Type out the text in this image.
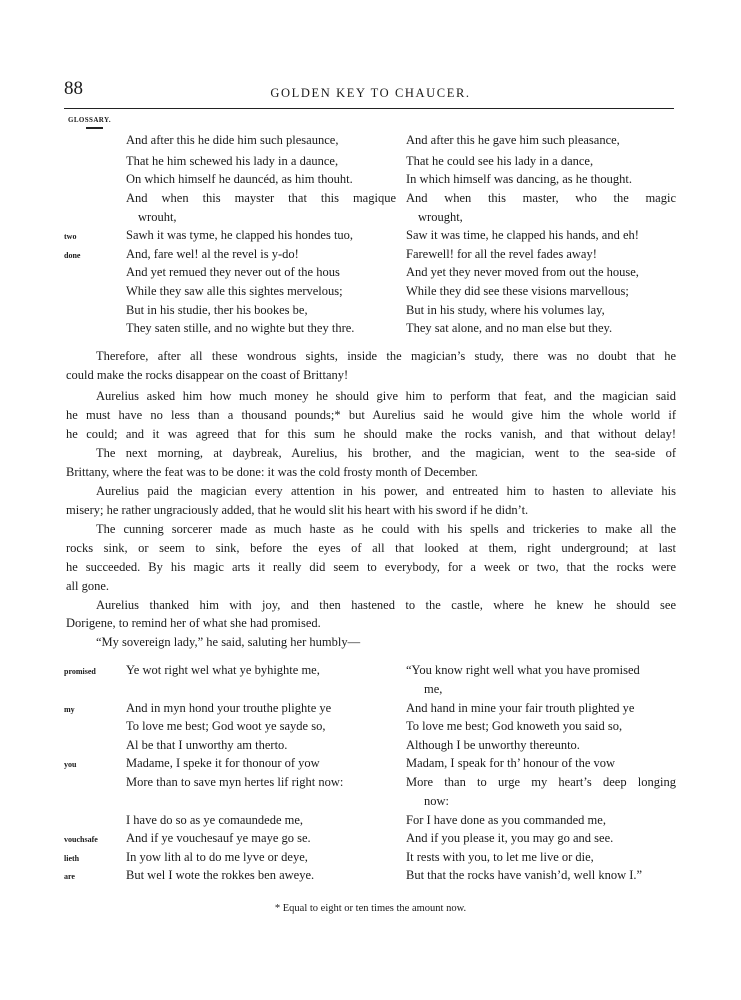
88	GOLDEN KEY TO CHAUCER.
GLOSSARY.
And after this he dide him such plesaunce,
That he him schewed his lady in a daunce,
On which himself he dauncéd, as him thouht.
And when this mayster that this magique
wrouht,
Sawh it was tyme, he clapped his hondes tuo,
And, fare wel! al the revel is y-do!
And yet remued they never out of the hous
While they saw alle this sightes mervelous;
But in his studie, ther his bookes be,
They saten stille, and no wighte but they thre.
And after this he gave him such pleasance,
That he could see his lady in a dance,
In which himself was dancing, as he thought.
And when this master, who the magic
wrought,
Saw it was time, he clapped his hands, and eh!
Farewell! for all the revel fades away!
And yet they never moved from out the house,
While they did see these visions marvellous;
But in his study, where his volumes lay,
They sat alone, and no man else but they.
two
done
Therefore, after all these wondrous sights, inside the magician’s study, there was no doubt that he
could make the rocks disappear on the coast of Brittany!
Aurelius asked him how much money he should give him to perform that feat, and the magician said
he must have no less than a thousand pounds;* but Aurelius said he would give him the whole world if
he could; and it was agreed that for this sum he should make the rocks vanish, and that without delay!
The next morning, at daybreak, Aurelius, his brother, and the magician, went to the sea-side of
Brittany, where the feat was to be done: it was the cold frosty month of December.
Aurelius paid the magician every attention in his power, and entreated him to hasten to alleviate his
misery; he rather ungraciously added, that he would slit his heart with his sword if he didn’t.
The cunning sorcerer made as much haste as he could with his spells and trickeries to make all the
rocks sink, or seem to sink, before the eyes of all that looked at them, right underground; at last
he succeeded. By his magic arts it really did seem to everybody, for a week or two, that the rocks were
all gone.
Aurelius thanked him with joy, and then hastened to the castle, where he knew he should see
Dorigene, to remind her of what she had promised.
“My sovereign lady,” he said, saluting her humbly—
Ye wot right wel what ye byhighte me,
And in myn hond your trouthe plighte ye
To love me best; God woot ye sayde so,
Al be that I unworthy am therto.
Madame, I speke it for thonour of yow
More than to save myn hertes lif right now:
I have do so as ye comaundede me,
And if ye vouchesauf ye maye go se.
In yow lith al to do me lyve or deye,
But wel I wote the rokkes ben aweye.
“You know right well what you have promised
me,
And hand in mine your fair trouth plighted ye
To love me best; God knoweth you said so,
Although I be unworthy thereunto.
Madam, I speak for th’ honour of the vow
More than to urge my heart’s deep longing
now:
For I have done as you commanded me,
And if you please it, you may go and see.
It rests with you, to let me live or die,
But that the rocks have vanish’d, well know I.”
promised
my
you
vouchsafe
lieth
are
* Equal to eight or ten times the amount now.
